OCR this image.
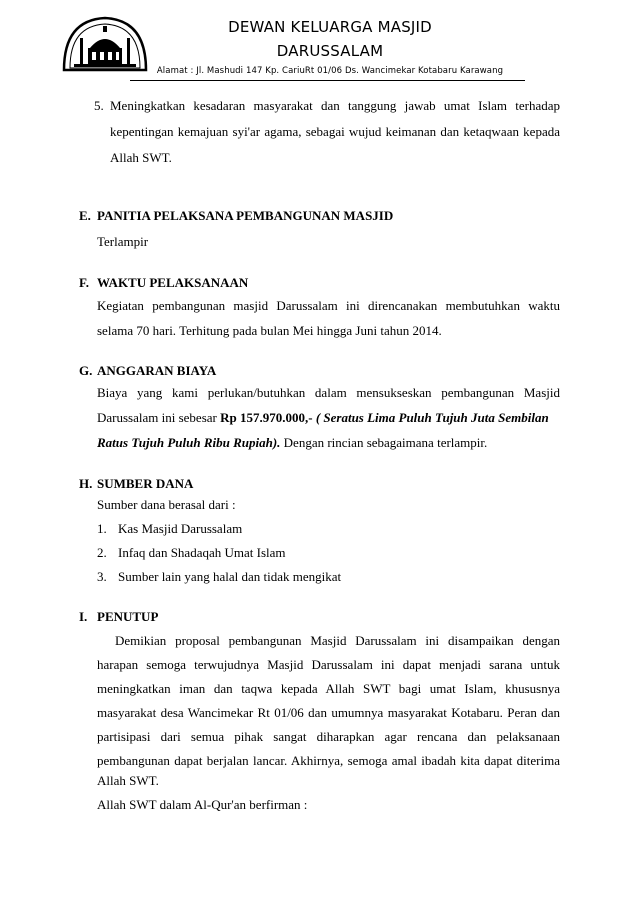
DEWAN KELUARGA MASJID
DARUSSALAM
Alamat : Jl. Mashudi 147 Kp. CariuRt 01/06 Ds. Wancimekar Kotabaru Karawang
5. Meningkatkan kesadaran masyarakat dan tanggung jawab umat Islam terhadap
kepentingan kemajuan syi'ar agama, sebagai wujud keimanan dan ketaqwaan kepada
Allah SWT.
E. PANITIA PELAKSANA PEMBANGUNAN MASJID
Terlampir
F. WAKTU PELAKSANAAN
Kegiatan pembangunan masjid Darussalam ini direncanakan membutuhkan waktu
selama 70 hari. Terhitung pada bulan Mei hingga Juni tahun 2014.
G. ANGGARAN BIAYA
Biaya yang kami perlukan/butuhkan dalam mensukseskan pembangunan Masjid
Darussalam ini sebesar Rp 157.970.000,- ( Seratus Lima Puluh Tujuh Juta Sembilan
Ratus Tujuh Puluh Ribu Rupiah). Dengan rincian sebagaimana terlampir.
H. SUMBER DANA
Sumber dana berasal dari :
1. Kas Masjid Darussalam
2. Infaq dan Shadaqah Umat Islam
3. Sumber lain yang halal dan tidak mengikat
I. PENUTUP
Demikian proposal pembangunan Masjid Darussalam ini disampaikan dengan
harapan semoga terwujudnya Masjid Darussalam ini dapat menjadi sarana untuk
meningkatkan iman dan taqwa kepada Allah SWT bagi umat Islam, khususnya
masyarakat desa Wancimekar Rt 01/06 dan umumnya masyarakat Kotabaru. Peran dan
partisipasi dari semua pihak sangat diharapkan agar rencana dan pelaksanaan
pembangunan dapat berjalan lancar. Akhirnya, semoga amal ibadah kita dapat diterima
Allah SWT.
Allah SWT dalam Al-Qur'an berfirman :
